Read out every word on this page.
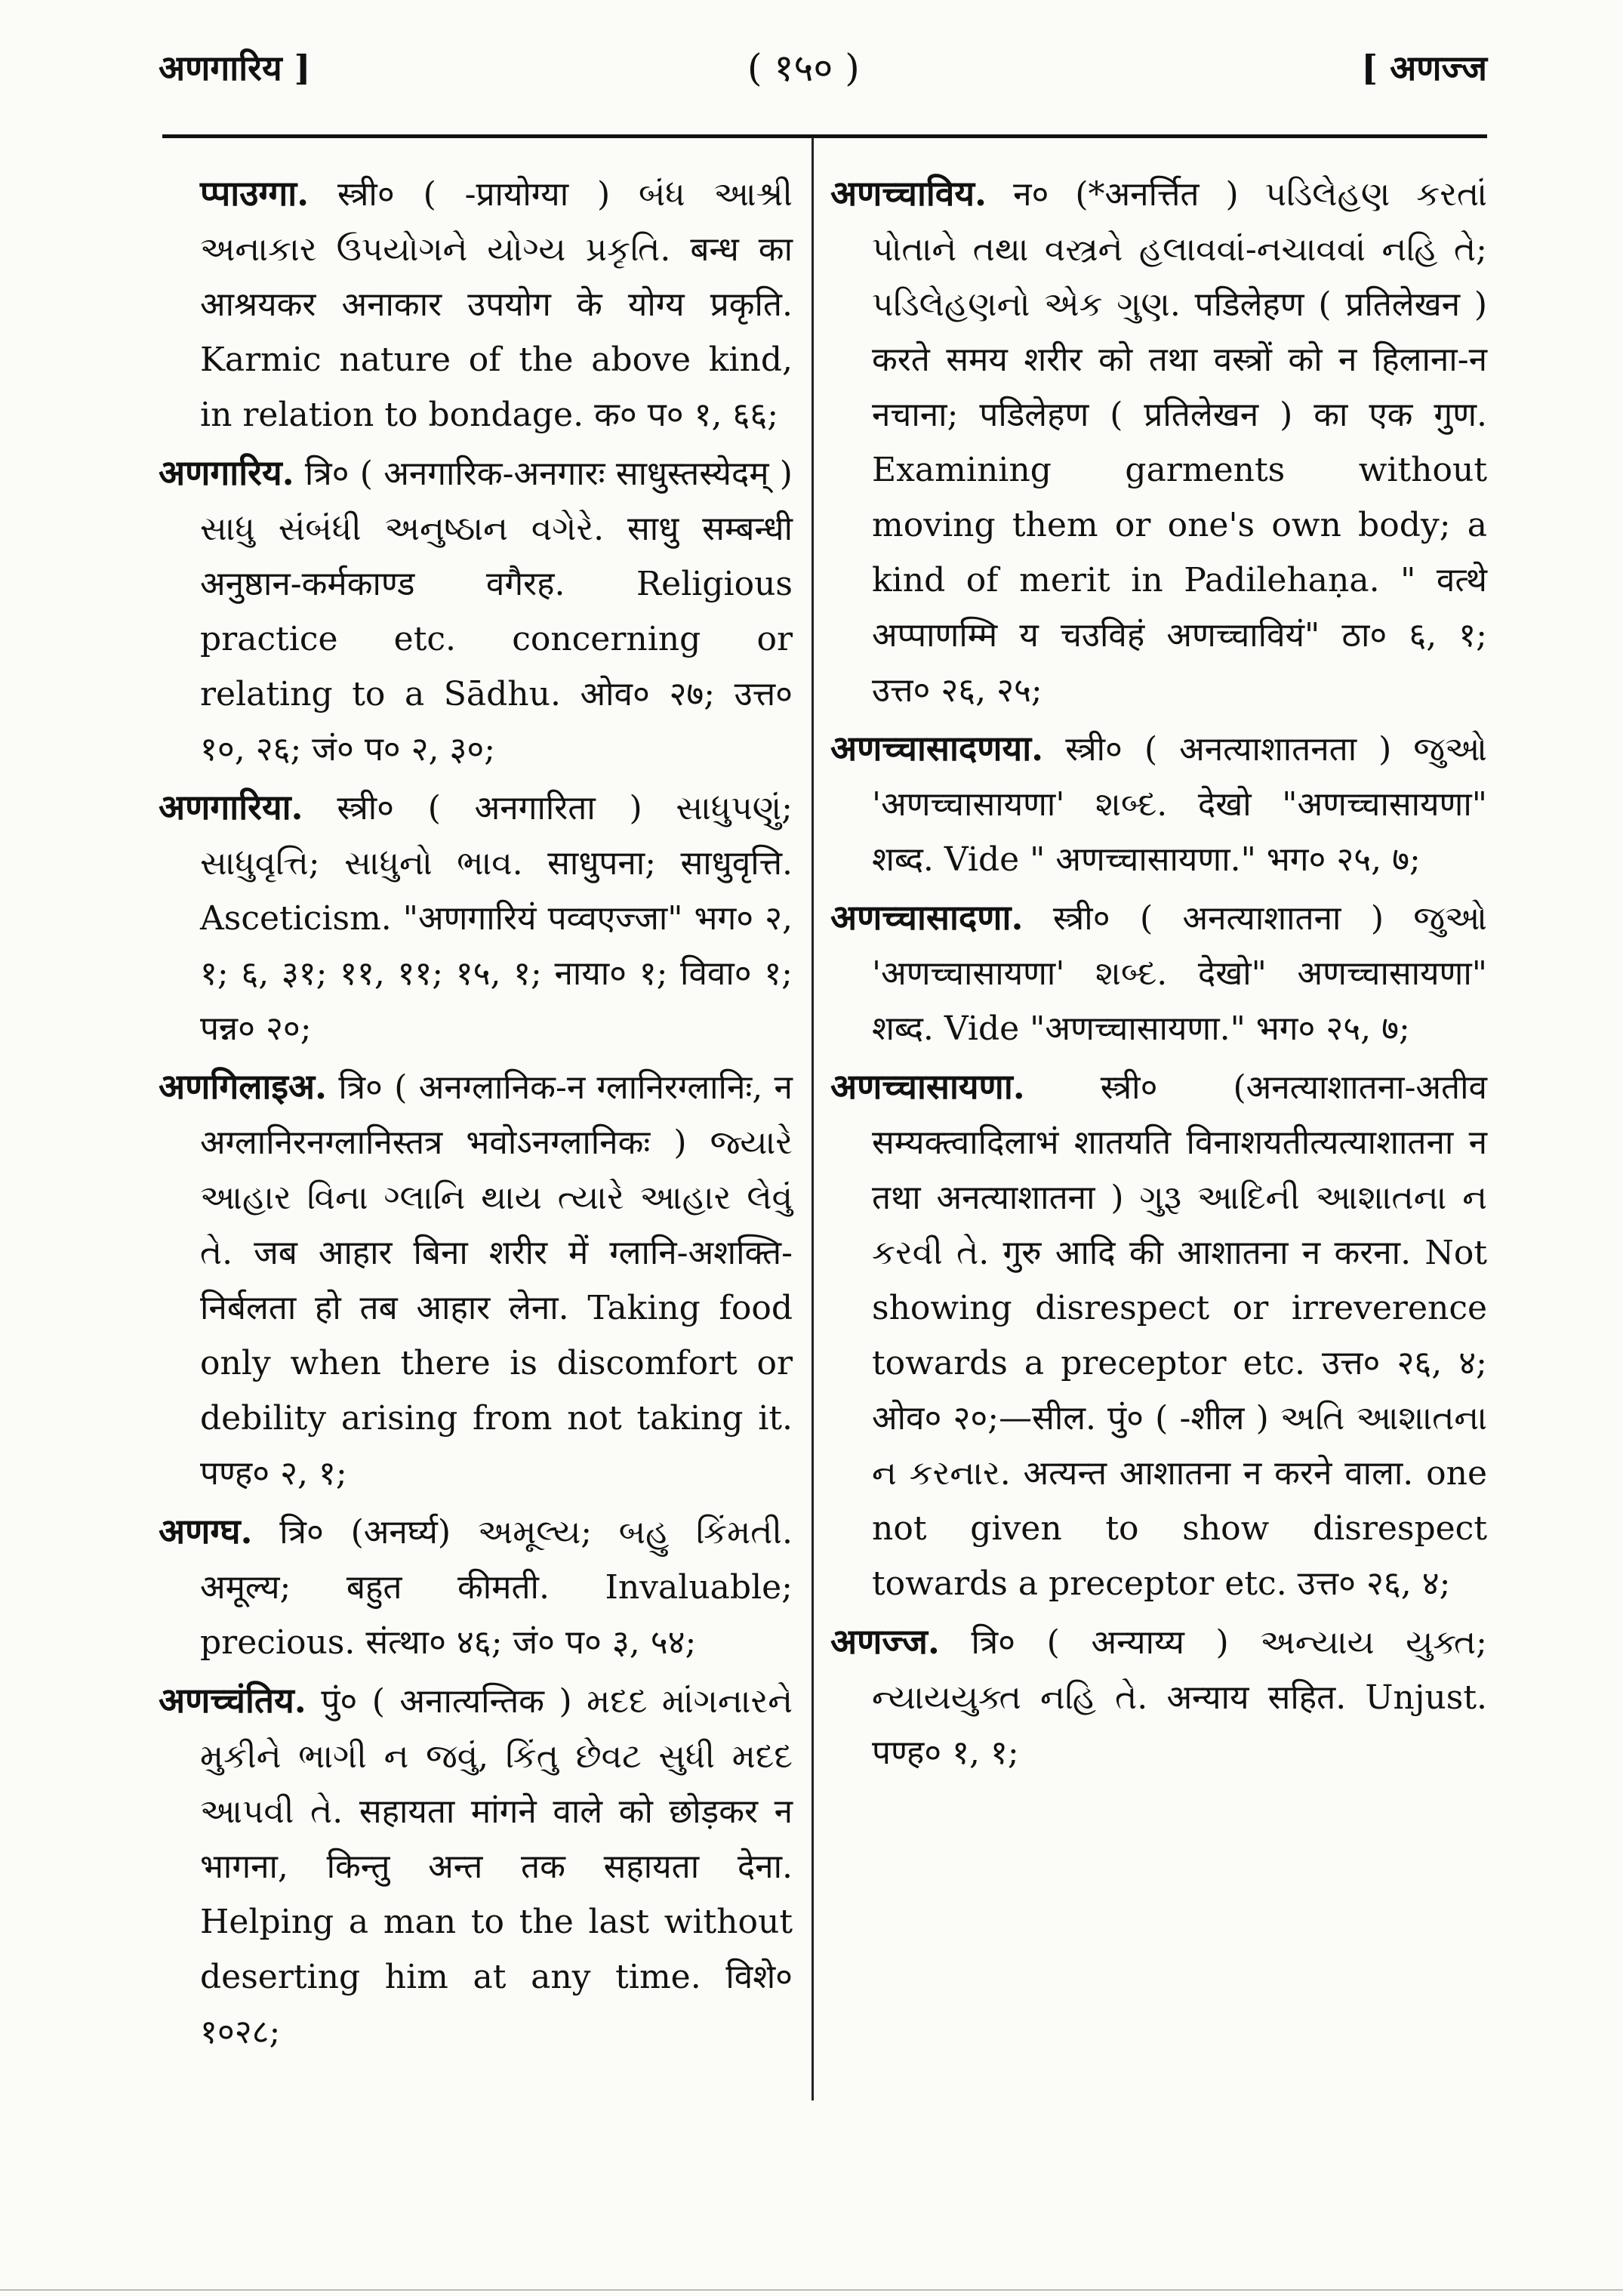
अणगारिय ]	( १५० )	[ अणज्ज

प्पाउग्गा. स्त्री० ( -प्रायोग्या ) બંધ આશ્રી અનાકાર ઉપયોગને યોગ્ય પ્રકૃતિ. बन्ध का आश्रयकर अनाकार उपयोग के योग्य प्रकृति. Karmic nature of the above kind, in relation to bondage. क० प० १, ६६;

अणगारिय. त्रि० ( अनगारिक-अनगारः साधुस्तस्येदम् ) સાધુ સંબંધી અનુષ્ઠાન વગેરે. साधु सम्बन्धी अनुष्ठान-कर्मकाण्ड वगैरह. Religious practice etc. concerning or relating to a Sādhu. ओव० २७; उत्त० १०, २६; जं० प० २, ३०;

अणगारिया. स्त्री० ( अनगारिता ) સાધુપણું; સાધુવૃત્તિ; સાધુનો ભાવ. साधुपना; साधुवृत्ति. Asceticism. "अणगारियं पव्वएज्जा" भग० २, १; ६, ३१; ११, ११; १५, १; नाया० १; विवा० १; पन्न० २०;

अणगिलाइअ. त्रि० ( अनग्लानिक-न ग्लानिरग्लानिः, न अग्लानिरनग्लानिस्तत्र भवोऽनग्लानिकः ) જ્યારે આહાર વિના ગ્લાનિ થાય ત્યારે આહાર લેવું તે. जब आहार बिना शरीर में ग्लानि-अशक्ति-निर्बलता हो तब आहार लेना. Taking food only when there is discomfort or debility arising from not taking it. पण्ह० २, १;

अणग्घ. त्रि० (अनर्घ्य) અમૂલ્ય; બહુ કિંમતી. अमूल्य; बहुत कीमती. Invaluable; precious. संत्था० ४६; जं० प० ३, ५४;

अणच्चंतिय. पुं० ( अनात्यन्तिक ) મદદ માંગનારને મુકીને ભાગી ન જવું, કિંતુ છેવટ સુધી મદદ આપવી તે. सहायता मांगने वाले को छोड़कर न भागना, किन्तु अन्त तक सहायता देना. Helping a man to the last without deserting him at any time. विशे० १०२८;

अणच्चाविय. न० (*अनर्त्तित ) પડિલેહણ કરતાં પોતાને તથા વસ્ત્રને હલાવવાં-નચાવવાં નહિ તે; પડિલેહણનો એક ગુણ. पडिलेहण ( प्रतिलेखन ) करते समय शरीर को तथा वस्त्रों को न हिलाना-न नचाना; पडिलेहण ( प्रतिलेखन ) का एक गुण. Examining garments without moving them or one's own body; a kind of merit in Padilehaṇa. " वत्थे अप्पाणम्मि य चउविहं अणच्चावियं" ठा० ६, १; उत्त० २६, २५;

अणच्चासादणया. स्त्री० ( अनत्याशातनता ) જુઓ 'अणच्चासायणा' શબ્દ. देखो "अणच्चासायणा" शब्द. Vide " अणच्चासायणा." भग० २५, ७;

अणच्चासादणा. स्त्री० ( अनत्याशातना ) જુઓ 'अणच्चासायणा' શબ્દ. देखो" अणच्चासायणा" शब्द. Vide "अणच्चासायणा." भग० २५, ७;

अणच्चासायणा. स्त्री० (अनत्याशातना-अतीव सम्यक्त्वादिलाभं शातयति विनाशयतीत्यत्याशातना न तथा अनत्याशातना ) ગુરૂ આદિની આશાતના ન કરવી તે. गुरु आदि की आशातना न करना. Not showing disrespect or irreverence towards a preceptor etc. उत्त० २६, ४; ओव० २०;—सील. पुं० ( -शील ) અતિ આશાતના ન કરનાર. अत्यन्त आशातना न करने वाला. one not given to show disrespect towards a preceptor etc. उत्त० २६, ४;

अणज्ज. त्रि० ( अन्याय्य ) અન્યાય યુક્ત; ન્યાયયુક્ત નહિ તે. अन्याय सहित. Unjust. पण्ह० १, १;
